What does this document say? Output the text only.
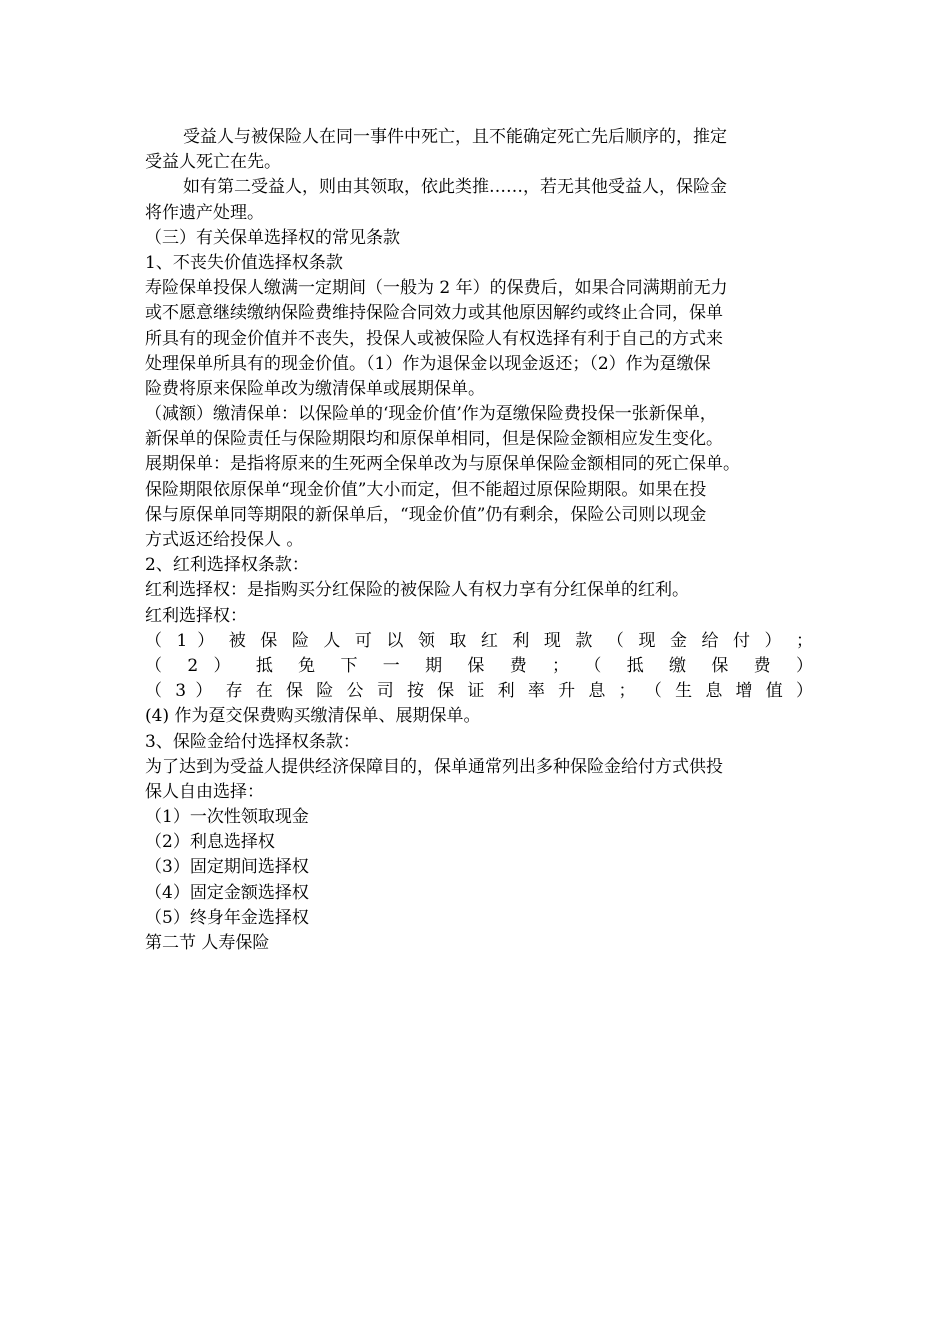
受益人与被保险人在同一事件中死亡，且不能确定死亡先后顺序的，推定
受益人死亡在先。
如有第二受益人，则由其领取，依此类推……，若无其他受益人，保险金
将作遗产处理。
（三）有关保单选择权的常见条款
1、不丧失价值选择权条款
寿险保单投保人缴满一定期间（一般为 2 年）的保费后，如果合同满期前无力
或不愿意继续缴纳保险费维持保险合同效力或其他原因解约或终止合同，保单
所具有的现金价值并不丧失，投保人或被保险人有权选择有利于自己的方式来
处理保单所具有的现金价值。（1）作为退保金以现金返还；（2）作为趸缴保
险费将原来保险单改为缴清保单或展期保单。
（减额）缴清保单：以保险单的‘现金价值’作为趸缴保险费投保一张新保单，
新保单的保险责任与保险期限均和原保单相同，但是保险金额相应发生变化。
展期保单：是指将原来的生死两全保单改为与原保单保险金额相同的死亡保单。
保险期限依原保单“现金价值”大小而定，但不能超过原保险期限。如果在投
保与原保单同等期限的新保单后，“现金价值”仍有剩余，保险公司则以现金
方式返还给投保人 。
2、红利选择权条款：
红利选择权：是指购买分红保险的被保险人有权力享有分红保单的红利。
红利选择权：
（ 1 ） 被 保 险 人 可 以 领 取 红 利 现 款 （ 现 金 给 付 ） ；
（ 2 ） 抵 免 下 一 期 保 费 ； （ 抵 缴 保 费 ）
（ 3 ） 存 在 保 险 公 司 按 保 证 利 率 升 息 ； （ 生 息 增 值 ）
(4) 作为趸交保费购买缴清保单、展期保单。
3、保险金给付选择权条款：
为了达到为受益人提供经济保障目的，保单通常列出多种保险金给付方式供投
保人自由选择：
（1）一次性领取现金
（2）利息选择权
（3）固定期间选择权
（4）固定金额选择权
（5）终身年金选择权
第二节 人寿保险
